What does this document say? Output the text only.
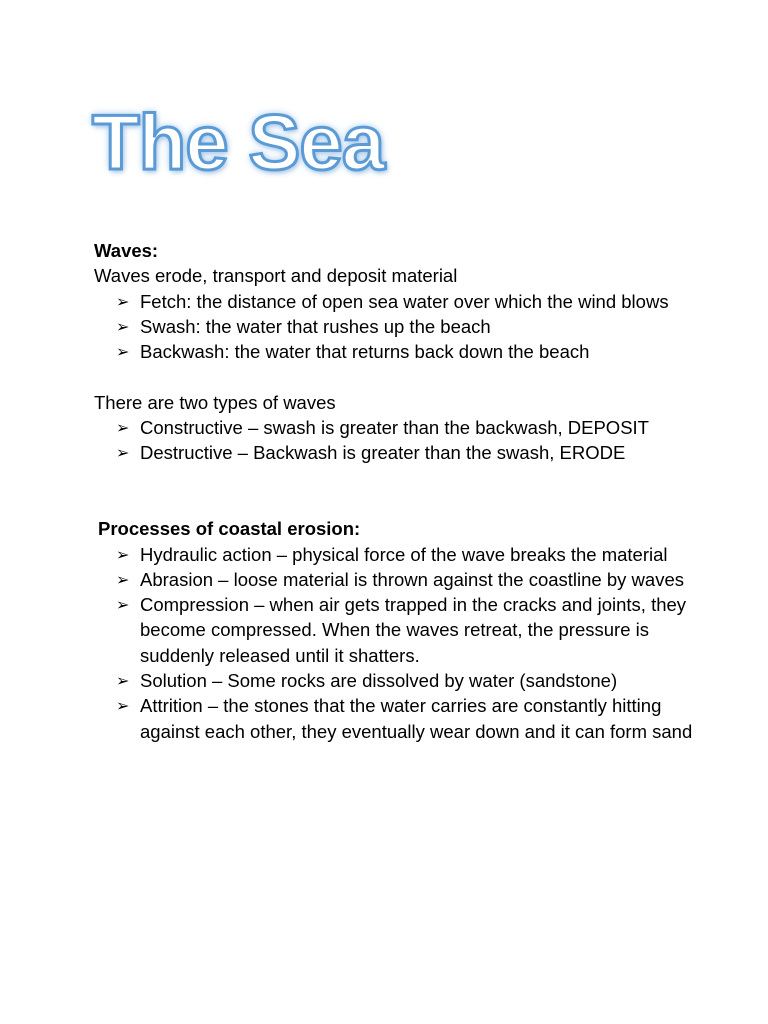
The Sea

Waves:

Waves erode, transport and deposit material

➢ Fetch: the distance of open sea water over which the wind blows
➢ Swash: the water that rushes up the beach
➢ Backwash: the water that returns back down the beach

There are two types of waves

➢ Constructive – swash is greater than the backwash, DEPOSIT
➢ Destructive – Backwash is greater than the swash, ERODE

Processes of coastal erosion:

➢ Hydraulic action – physical force of the wave breaks the material
➢ Abrasion – loose material is thrown against the coastline by waves
➢ Compression – when air gets trapped in the cracks and joints, they become compressed. When the waves retreat, the pressure is suddenly released until it shatters.
➢ Solution – Some rocks are dissolved by water (sandstone)
➢ Attrition – the stones that the water carries are constantly hitting against each other, they eventually wear down and it can form sand
